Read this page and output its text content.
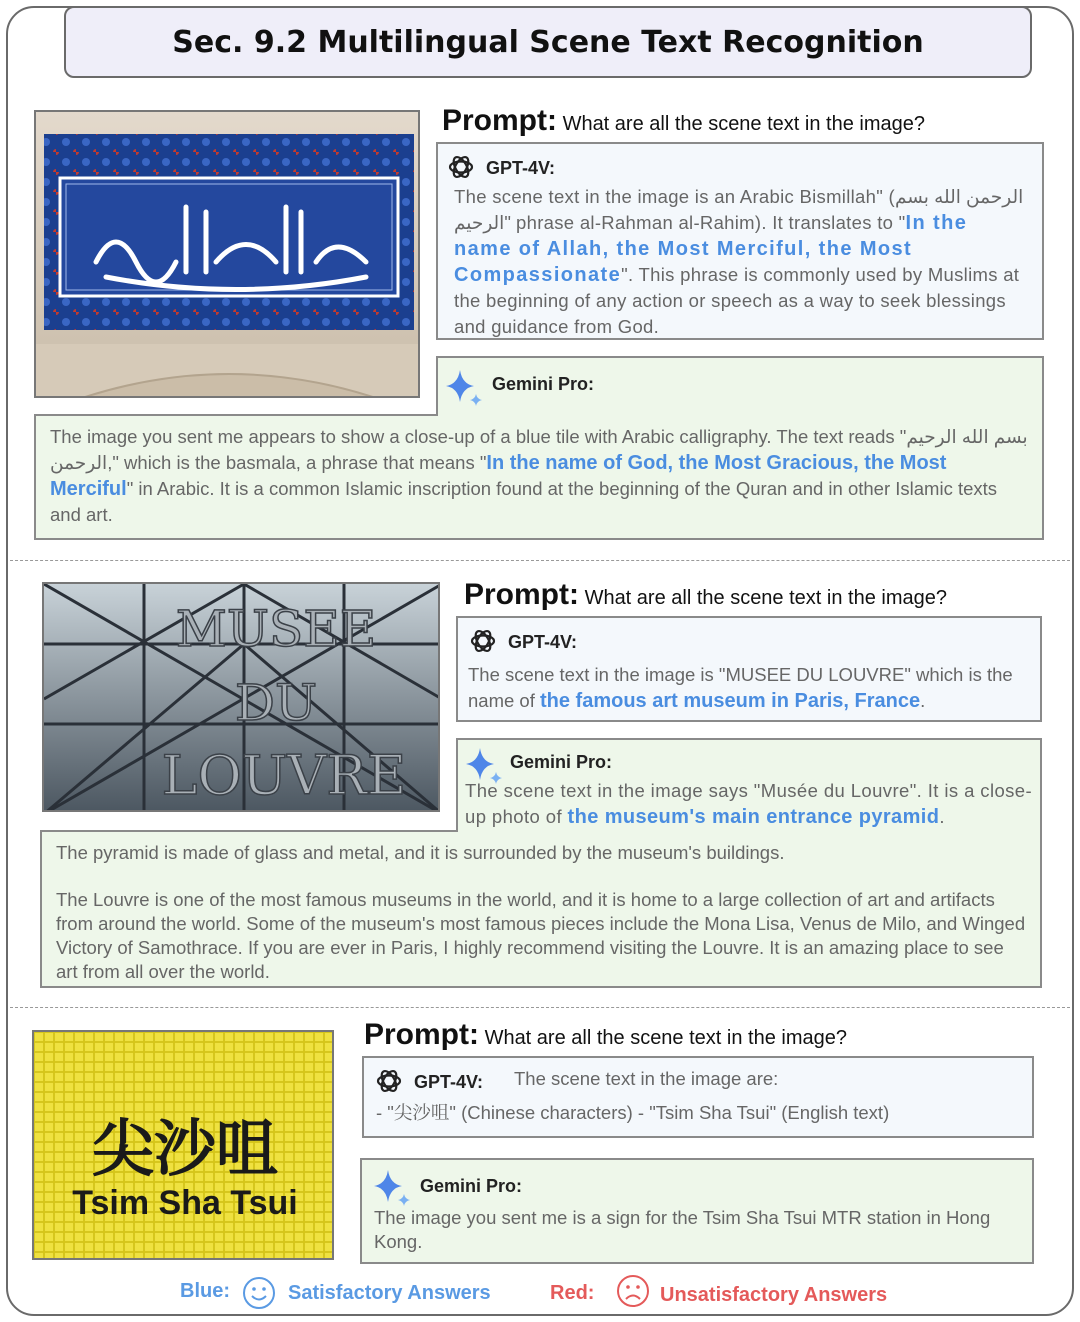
Sec. 9.2 Multilingual Scene Text Recognition
Prompt: What are all the scene text in the image?
GPT-4V:
The scene text in the image is an Arabic Bismillah" (الرحمن الله بسم الرحيم" phrase al-Rahman al-Rahim). It translates to "In the name of Allah, the Most Merciful, the Most Compassionate". This phrase is commonly used by Muslims at the beginning of any action or speech as a way to seek blessings and guidance from God.
The image you sent me appears to show a close-up of a blue tile with Arabic calligraphy. The text reads "بسم الله الرحيم الرحمن," which is the basmala, a phrase that means "In the name of God, the Most Gracious, the Most Merciful" in Arabic. It is a common Islamic inscription found at the beginning of the Quran and in other Islamic texts and art.
Gemini Pro:
MUSEE
DU
LOUVRE
Prompt: What are all the scene text in the image?
GPT-4V:
The scene text in the image is "MUSEE DU LOUVRE" which is the name of the famous art museum in Paris, France.
The pyramid is made of glass and metal, and it is surrounded by the museum's buildings.
The Louvre is one of the most famous museums in the world, and it is home to a large collection of art and artifacts from around the world. Some of the museum's most famous pieces include the Mona Lisa, Venus de Milo, and Winged Victory of Samothrace. If you are ever in Paris, I highly recommend visiting the Louvre. It is an amazing place to see art from all over the world.
Gemini Pro:
The scene text in the image says "Musée du Louvre". It is a close-up photo of the museum's main entrance pyramid.
尖沙咀
Tsim Sha Tsui
Prompt: What are all the scene text in the image?
GPT-4V: The scene text in the image are:
- "尖沙咀" (Chinese characters) - "Tsim Sha Tsui" (English text)
Gemini Pro:
The image you sent me is a sign for the Tsim Sha Tsui MTR station in Hong Kong.
Blue:	Satisfactory Answers	Red:	Unsatisfactory Answers
